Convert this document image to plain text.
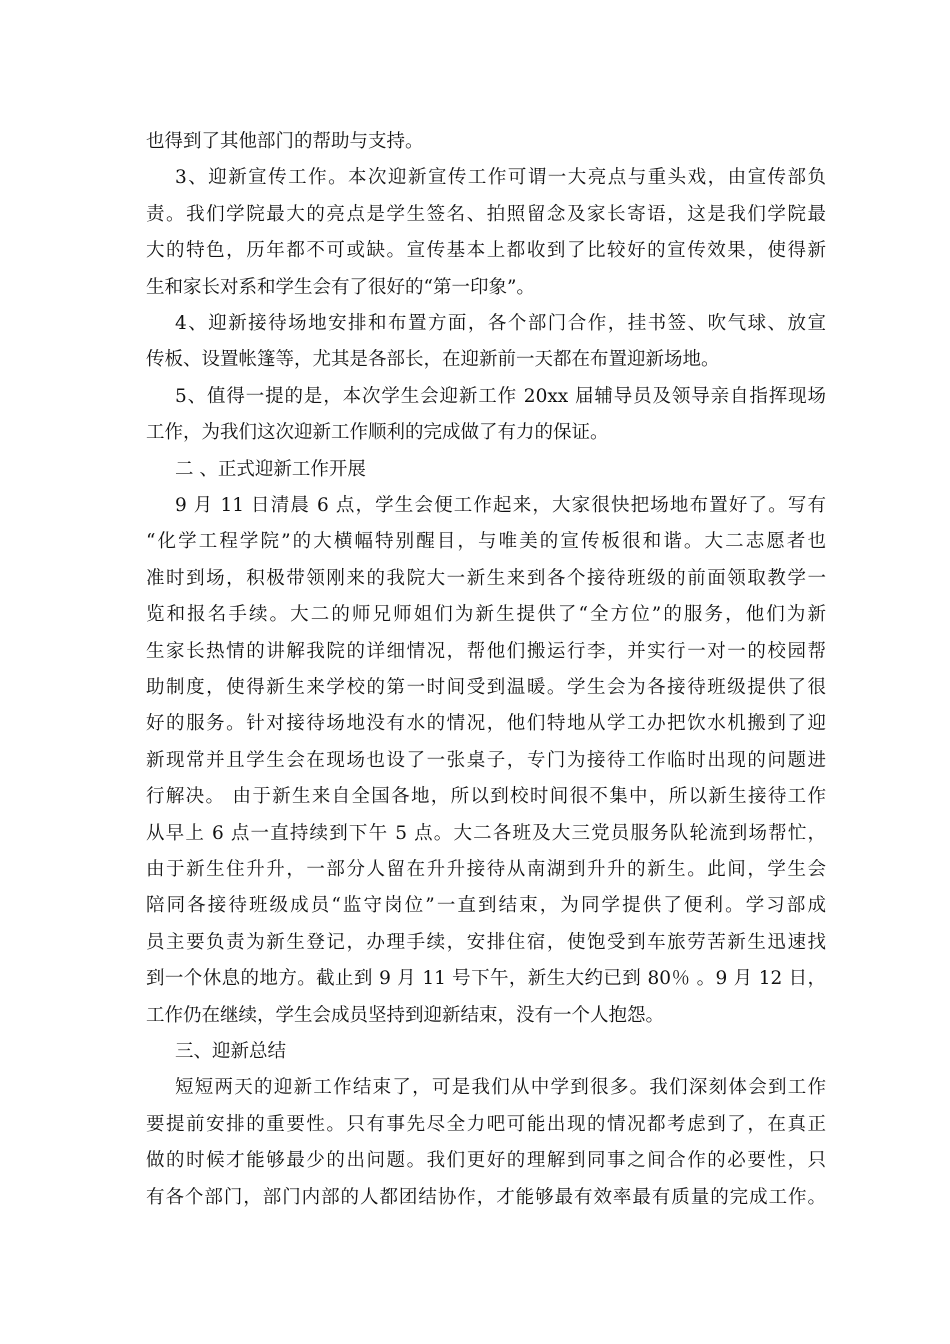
也得到了其他部门的帮助与支持。
3、迎新宣传工作。本次迎新宣传工作可谓一大亮点与重头戏，由宣传部负
责。我们学院最大的亮点是学生签名、拍照留念及家长寄语，这是我们学院最
大的特色，历年都不可或缺。宣传基本上都收到了比较好的宣传效果，使得新
生和家长对系和学生会有了很好的“第一印象”。
4、迎新接待场地安排和布置方面，各个部门合作，挂书签、吹气球、放宣
传板、设置帐篷等，尤其是各部长，在迎新前一天都在布置迎新场地。
5、值得一提的是，本次学生会迎新工作 20xx 届辅导员及领导亲自指挥现场
工作，为我们这次迎新工作顺利的完成做了有力的保证。
二 、正式迎新工作开展
9 月 11 日清晨 6 点，学生会便工作起来，大家很快把场地布置好了。写有
“化学工程学院”的大横幅特别醒目，与唯美的宣传板很和谐。大二志愿者也
准时到场，积极带领刚来的我院大一新生来到各个接待班级的前面领取教学一
览和报名手续。大二的师兄师姐们为新生提供了“全方位”的服务，他们为新
生家长热情的讲解我院的详细情况，帮他们搬运行李，并实行一对一的校园帮
助制度，使得新生来学校的第一时间受到温暖。学生会为各接待班级提供了很
好的服务。针对接待场地没有水的情况，他们特地从学工办把饮水机搬到了迎
新现常并且学生会在现场也设了一张桌子，专门为接待工作临时出现的问题进
行解决。 由于新生来自全国各地，所以到校时间很不集中，所以新生接待工作
从早上 6 点一直持续到下午 5 点。大二各班及大三党员服务队轮流到场帮忙，
由于新生住升升，一部分人留在升升接待从南湖到升升的新生。此间，学生会
陪同各接待班级成员“监守岗位”一直到结束，为同学提供了便利。学习部成
员主要负责为新生登记，办理手续，安排住宿，使饱受到车旅劳苦新生迅速找
到一个休息的地方。截止到 9 月 11 号下午，新生大约已到 80％ 。9 月 12 日，
工作仍在继续，学生会成员坚持到迎新结束，没有一个人抱怨。
三、迎新总结
短短两天的迎新工作结束了，可是我们从中学到很多。我们深刻体会到工作
要提前安排的重要性。只有事先尽全力吧可能出现的情况都考虑到了，在真正
做的时候才能够最少的出问题。我们更好的理解到同事之间合作的必要性，只
有各个部门，部门内部的人都团结协作，才能够最有效率最有质量的完成工作。
